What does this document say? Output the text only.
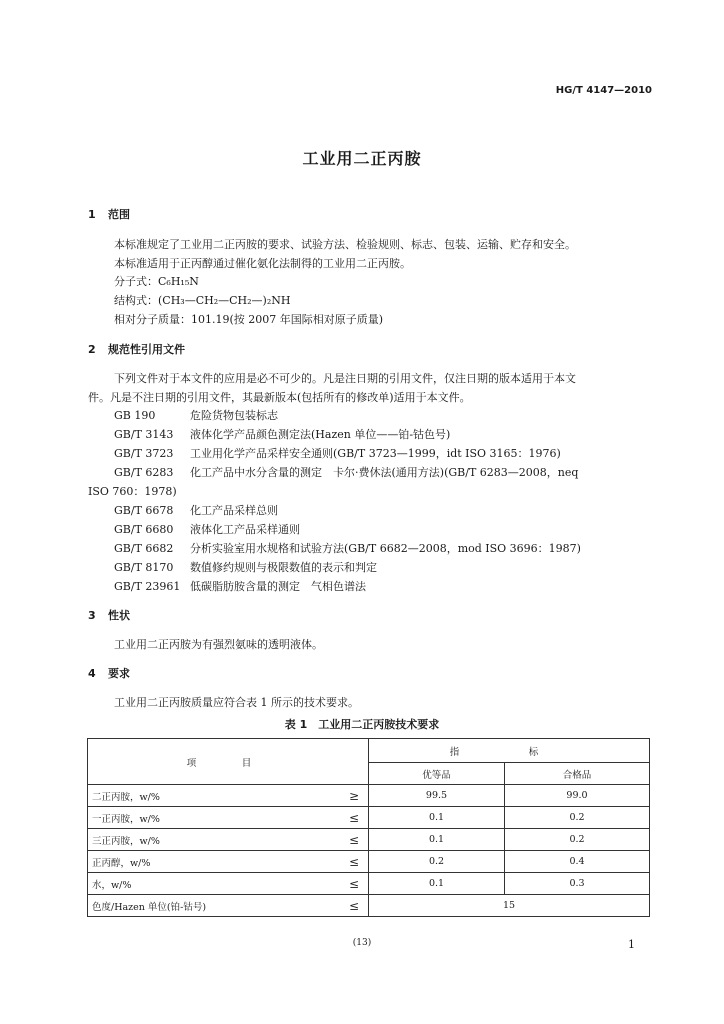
HG/T 4147—2010
工业用二正丙胺
1 范围
本标准规定了工业用二正丙胺的要求、试验方法、检验规则、标志、包装、运输、贮存和安全。
本标准适用于正丙醇通过催化氨化法制得的工业用二正丙胺。
分子式：C₆H₁₅N
结构式：(CH₃—CH₂—CH₂—)₂NH
相对分子质量：101.19(按 2007 年国际相对原子质量)
2 规范性引用文件
下列文件对于本文件的应用是必不可少的。凡是注日期的引用文件，仅注日期的版本适用于本文
件。凡是不注日期的引用文件，其最新版本(包括所有的修改单)适用于本文件。
GB 190	危险货物包装标志
GB/T 3143 液体化学产品颜色测定法(Hazen 单位——铂-钴色号)
GB/T 3723 工业用化学产品采样安全通则(GB/T 3723—1999，idt ISO 3165：1976)
GB/T 6283 化工产品中水分含量的测定　卡尔·费休法(通用方法)(GB/T 6283—2008，neq
ISO 760：1978)
GB/T 6678 化工产品采样总则
GB/T 6680 液体化工产品采样通则
GB/T 6682 分析实验室用水规格和试验方法(GB/T 6682—2008，mod ISO 3696：1987)
GB/T 8170 数值修约规则与极限数值的表示和判定
GB/T 23961 低碳脂肪胺含量的测定　气相色谱法
3 性状
工业用二正丙胺为有强烈氨味的透明液体。
4 要求
工业用二正丙胺质量应符合表 1 所示的技术要求。
表 1　工业用二正丙胺技术要求
项　目		指　标	
		优等品	合格品
二正丙胺，w/%	≥	99.5	99.0
一正丙胺，w/%	≤	0.1	0.2
三正丙胺，w/%	≤	0.1	0.2
正丙醇，w/%	≤	0.2	0.4
水，w/%	≤	0.1	0.3
色度/Hazen 单位(铂-钴号)	≤	15	
(13)	1
